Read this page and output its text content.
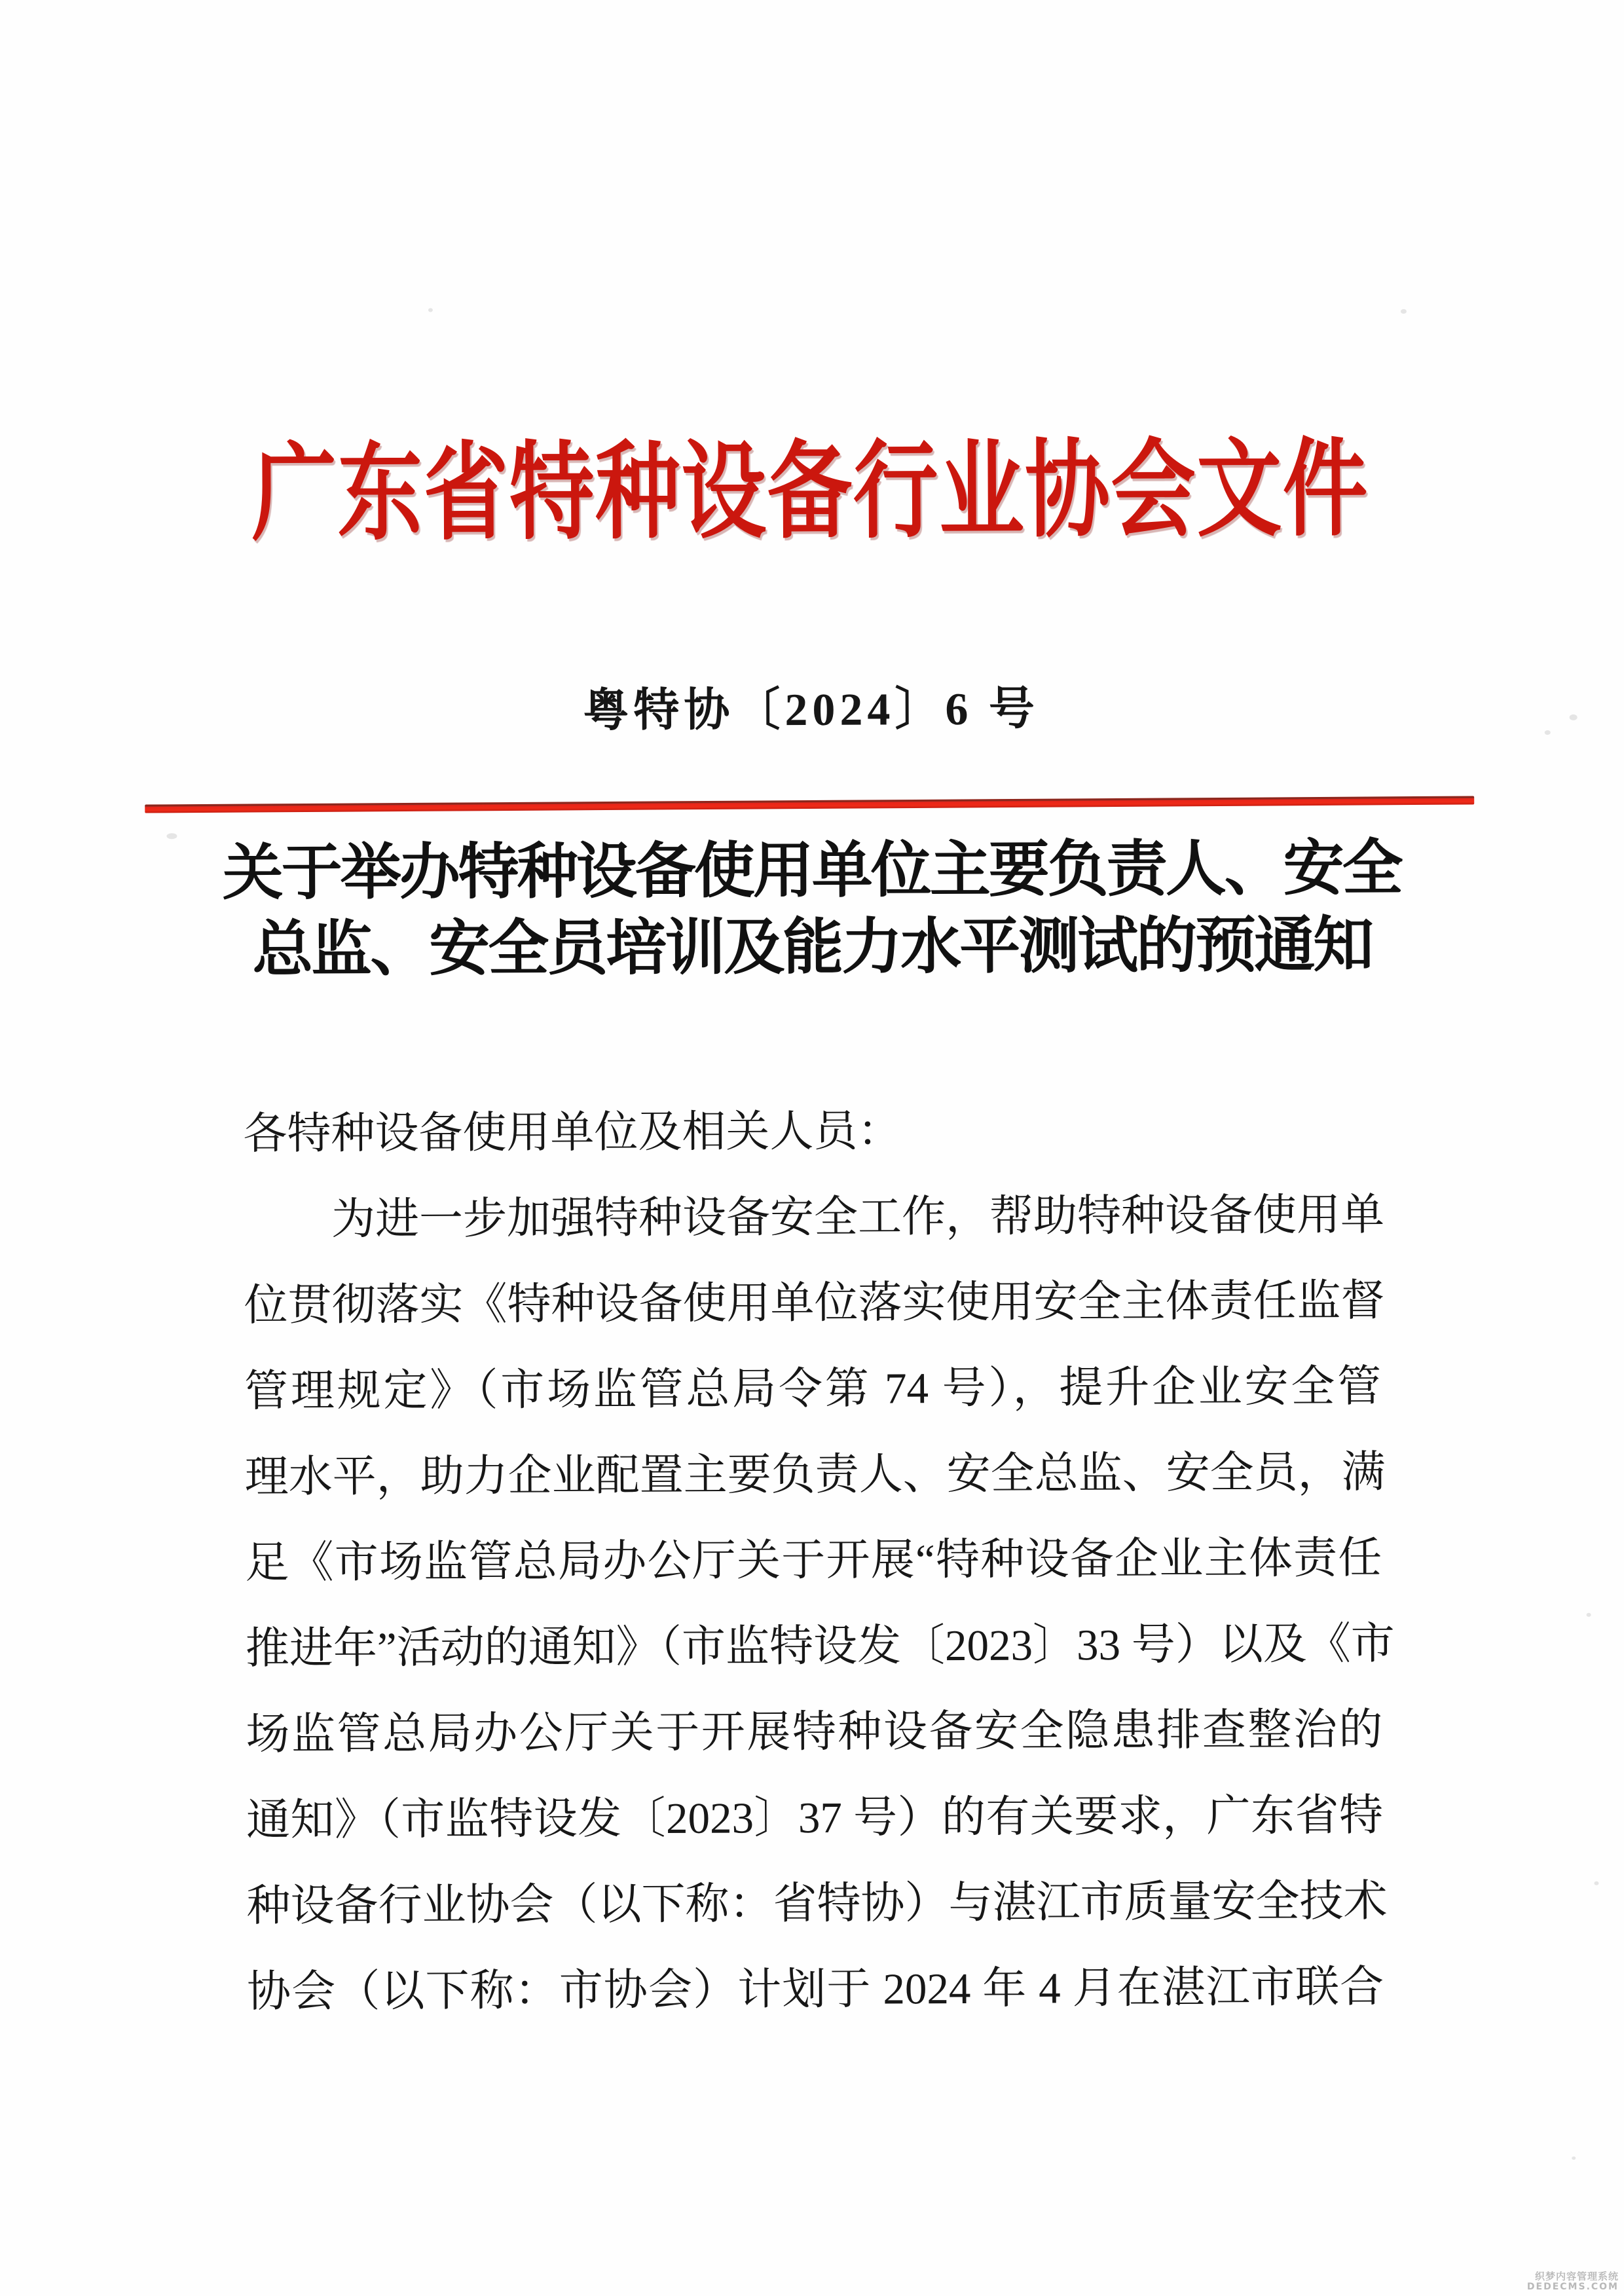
广东省特种设备行业协会文件
粤特协〔2024〕6 号
关于举办特种设备使用单位主要负责人、安全
总监、安全员培训及能力水平测试的预通知
各特种设备使用单位及相关人员：
为进一步加强特种设备安全工作，帮助特种设备使用单
位贯彻落实《特种设备使用单位落实使用安全主体责任监督
管理规定》（市场监管总局令第 74 号），提升企业安全管
理水平，助力企业配置主要负责人、安全总监、安全员，满
足《市场监管总局办公厅关于开展“特种设备企业主体责任
推进年”活动的通知》（市监特设发〔2023〕33 号）以及《市
场监管总局办公厅关于开展特种设备安全隐患排查整治的
通知》（市监特设发〔2023〕37 号）的有关要求，广东省特
种设备行业协会（以下称：省特协）与湛江市质量安全技术
协会（以下称：市协会）计划于 2024 年 4 月在湛江市联合
织梦内容管理系统
DEDECMS.COM
